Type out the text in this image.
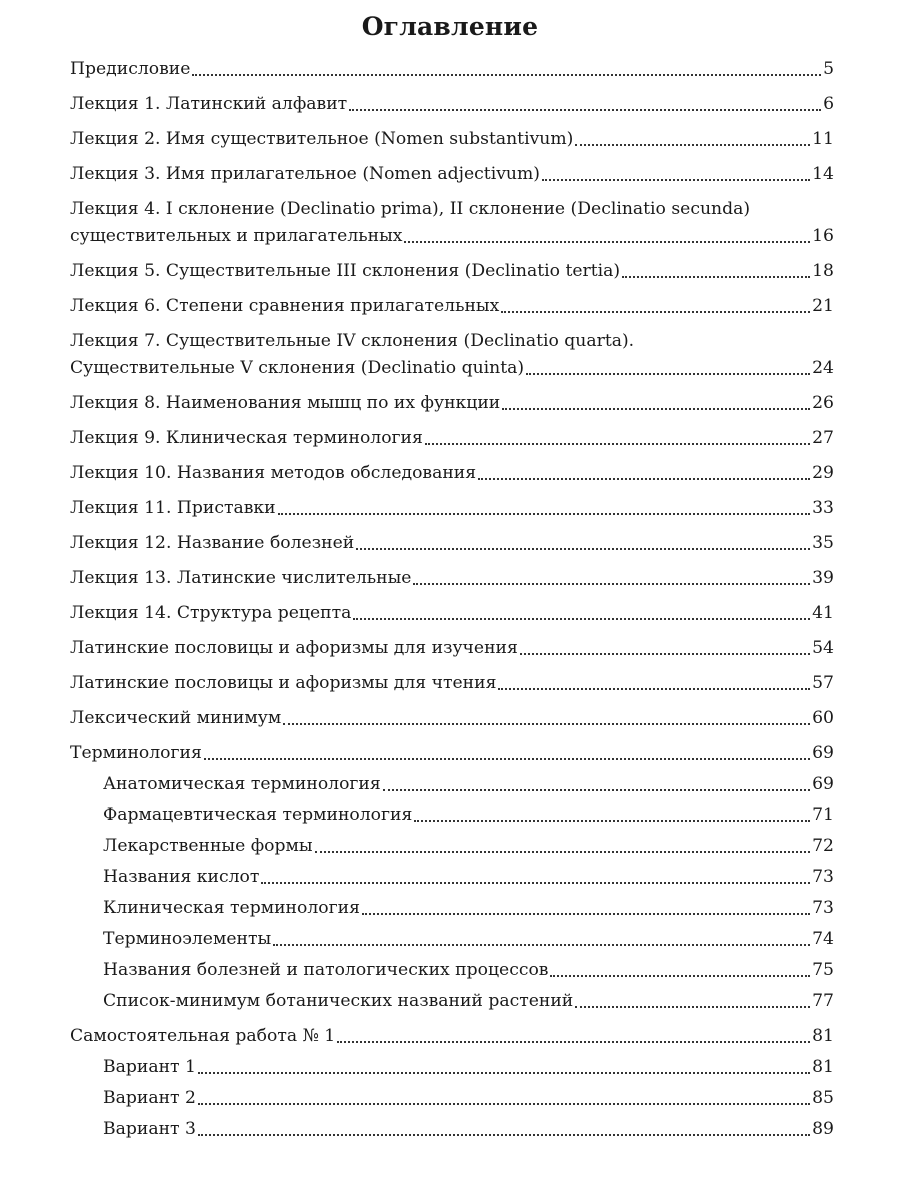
Оглавление
Предисловие	5
Лекция 1. Латинский алфавит	6
Лекция 2. Имя существительное (Nomen substantivum)	11
Лекция 3. Имя прилагательное (Nomen adjectivum)	14
Лекция 4. I склонение (Declinatio prima), II склонение (Declinatio secunda)
существительных и прилагательных	16
Лекция 5. Существительные III склонения (Declinatio tertia)	18
Лекция 6. Степени сравнения прилагательных	21
Лекция 7. Существительные IV склонения (Declinatio quarta).
Существительные V склонения (Declinatio quinta)	24
Лекция 8. Наименования мышц по их функции	26
Лекция 9. Клиническая терминология	27
Лекция 10. Названия методов обследования	29
Лекция 11. Приставки	33
Лекция 12. Название болезней	35
Лекция 13. Латинские числительные	39
Лекция 14. Структура рецепта	41
Латинские пословицы и афоризмы для изучения	54
Латинские пословицы и афоризмы для чтения	57
Лексический минимум	60
Терминология	69
Анатомическая терминология	69
Фармацевтическая терминология	71
Лекарственные формы	72
Названия кислот	73
Клиническая терминология	73
Терминоэлементы	74
Названия болезней и патологических процессов	75
Список-минимум ботанических названий растений	77
Самостоятельная работа № 1	81
Вариант 1	81
Вариант 2	85
Вариант 3	89
